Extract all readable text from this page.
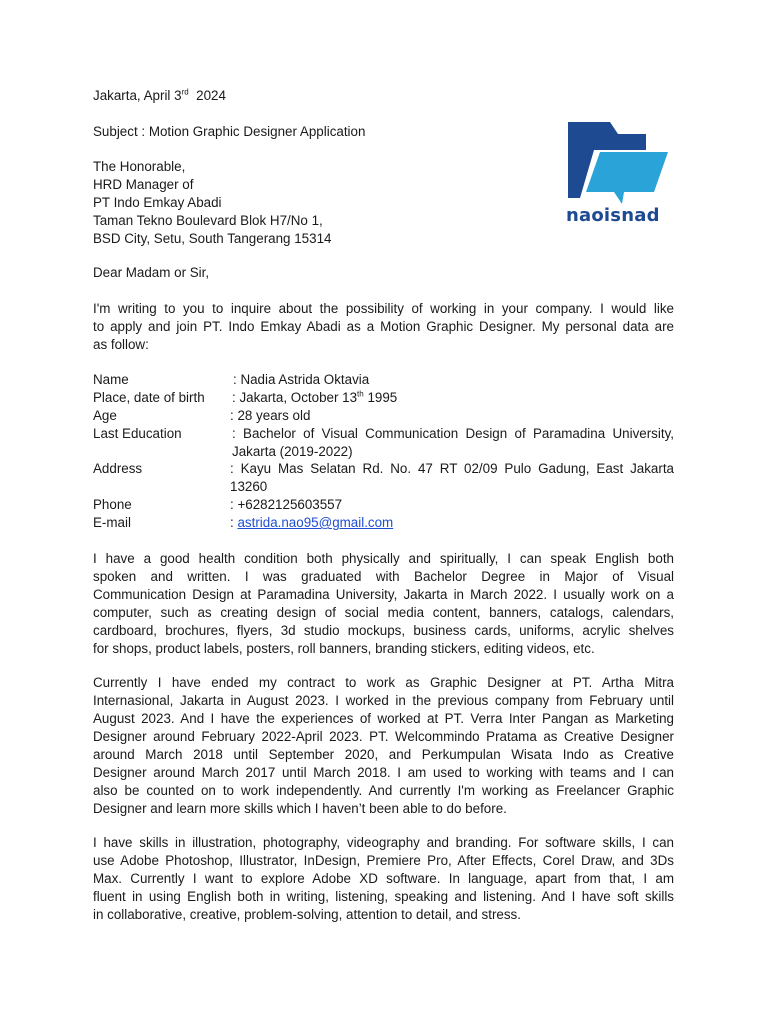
Jakarta, April 3rd 2024
Subject : Motion Graphic Designer Application
The Honorable,
HRD Manager of
PT Indo Emkay Abadi
Taman Tekno Boulevard Blok H7/No 1,
BSD City, Setu, South Tangerang 15314
naoisnad
Dear Madam or Sir,
I'm writing to you to inquire about the possibility of working in your company. I would like
to apply and join PT. Indo Emkay Abadi as a Motion Graphic Designer. My personal data are
as follow:
Name	: Nadia Astrida Oktavia
Place, date of birth : Jakarta, October 13th 1995
Age	: 28 years old
Last Education	: Bachelor of Visual Communication Design of Paramadina University,
Jakarta (2019-2022)
Address	: Kayu Mas Selatan Rd. No. 47 RT 02/09 Pulo Gadung, East Jakarta
13260
Phone	: +6282125603557
E-mail	: astrida.nao95@gmail.com
I have a good health condition both physically and spiritually, I can speak English both
spoken and written. I was graduated with Bachelor Degree in Major of Visual
Communication Design at Paramadina University, Jakarta in March 2022. I usually work on a
computer, such as creating design of social media content, banners, catalogs, calendars,
cardboard, brochures, flyers, 3d studio mockups, business cards, uniforms, acrylic shelves
for shops, product labels, posters, roll banners, branding stickers, editing videos, etc.
Currently I have ended my contract to work as Graphic Designer at PT. Artha Mitra
Internasional, Jakarta in August 2023. I worked in the previous company from February until
August 2023. And I have the experiences of worked at PT. Verra Inter Pangan as Marketing
Designer around February 2022-April 2023. PT. Welcommindo Pratama as Creative Designer
around March 2018 until September 2020, and Perkumpulan Wisata Indo as Creative
Designer around March 2017 until March 2018. I am used to working with teams and I can
also be counted on to work independently. And currently I'm working as Freelancer Graphic
Designer and learn more skills which I haven’t been able to do before.
I have skills in illustration, photography, videography and branding. For software skills, I can
use Adobe Photoshop, Illustrator, InDesign, Premiere Pro, After Effects, Corel Draw, and 3Ds
Max. Currently I want to explore Adobe XD software. In language, apart from that, I am
fluent in using English both in writing, listening, speaking and listening. And I have soft skills
in collaborative, creative, problem-solving, attention to detail, and stress.
